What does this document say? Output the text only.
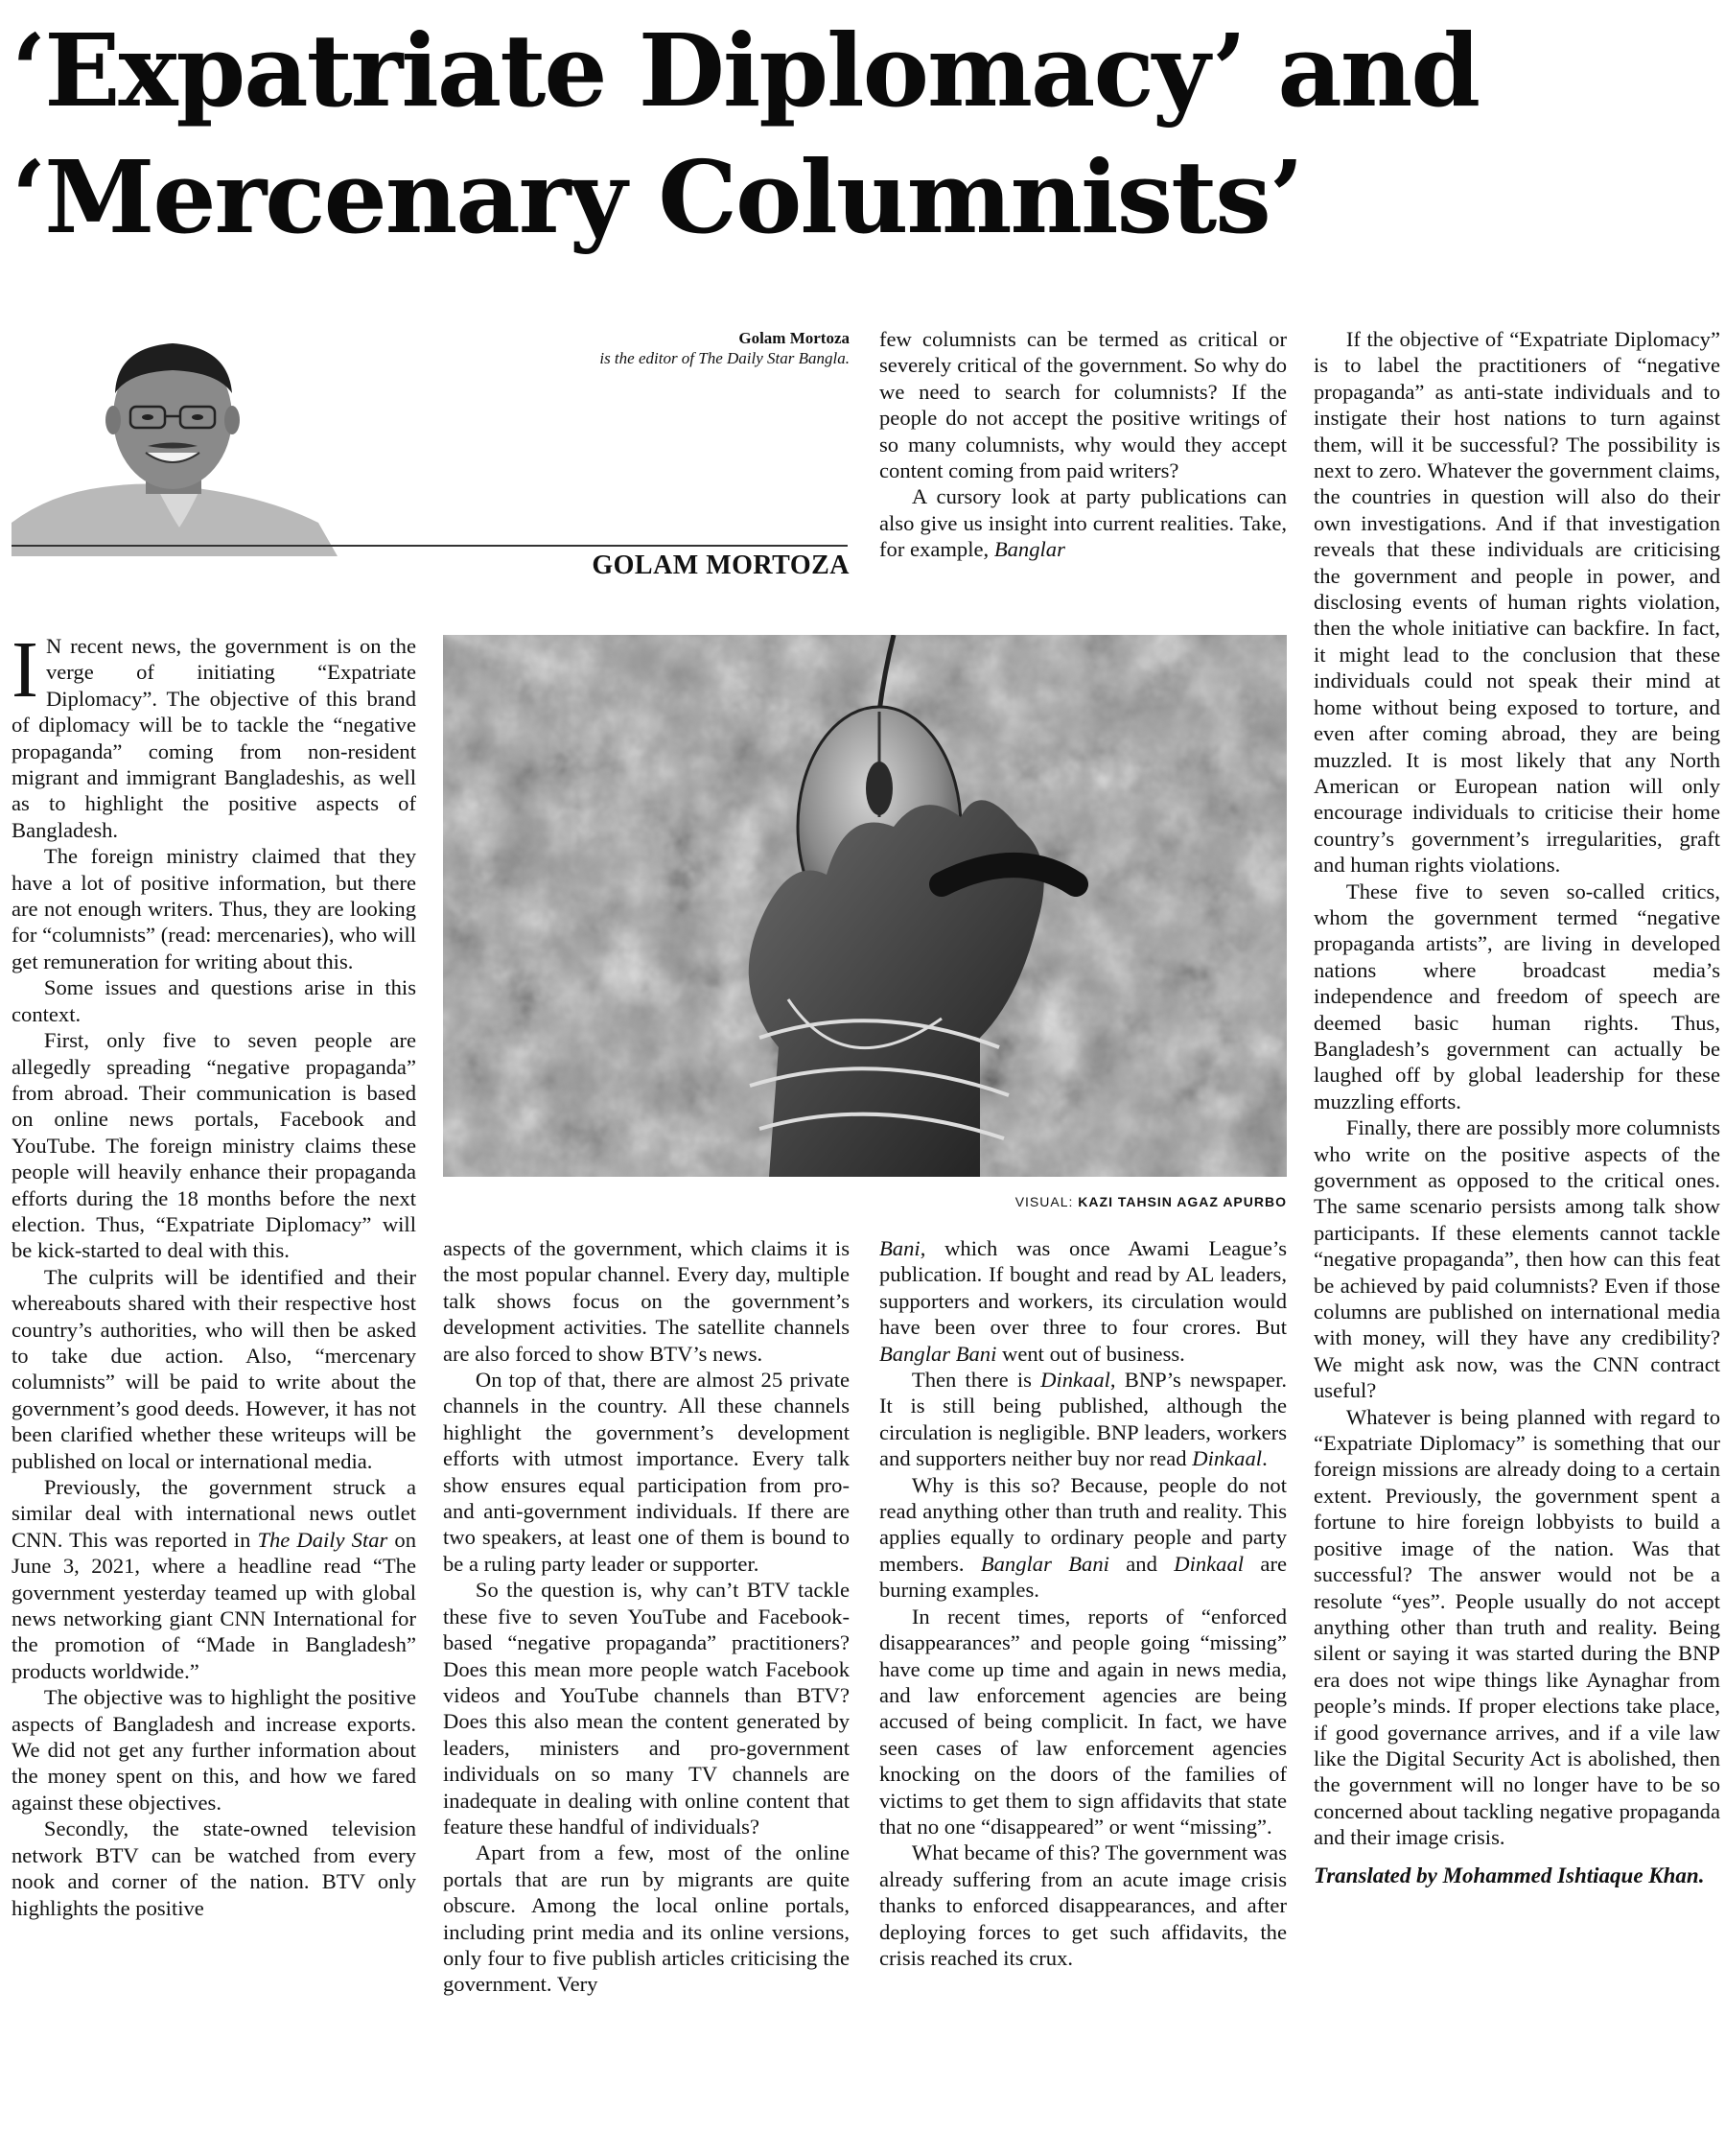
‘Expatriate Diplomacy’ and
‘Mercenary Columnists’
Golam Mortoza
is the editor of The Daily Star Bangla.
GOLAM MORTOZA

I N recent news, the government is on the verge of initiating “Expatriate Diplomacy”. The objective of this brand of diplomacy will be to tackle the “negative propaganda” coming from non-resident migrant and immigrant Bangladeshis, as well as to highlight the positive aspects of Bangladesh.

The foreign ministry claimed that they have a lot of positive information, but there are not enough writers. Thus, they are looking for “columnists” (read: mercenaries), who will get remuneration for writing about this.

Some issues and questions arise in this context.

First, only five to seven people are allegedly spreading “negative propaganda” from abroad. Their communication is based on online news portals, Facebook and YouTube. The foreign ministry claims these people will heavily enhance their propaganda efforts during the 18 months before the next election. Thus, “Expatriate Diplomacy” will be kick-started to deal with this.

The culprits will be identified and their whereabouts shared with their respective host country’s authorities, who will then be asked to take due action. Also, “mercenary columnists” will be paid to write about the government’s good deeds. However, it has not been clarified whether these writeups will be published on local or international media.

Previously, the government struck a similar deal with international news outlet CNN. This was reported in The Daily Star on June 3, 2021, where a headline read “The government yesterday teamed up with global news networking giant CNN International for the promotion of “Made in Bangladesh” products worldwide.”

The objective was to highlight the positive aspects of Bangladesh and increase exports. We did not get any further information about the money spent on this, and how we fared against these objectives.

Secondly, the state-owned television network BTV can be watched from every nook and corner of the nation. BTV only highlights the positive

VISUAL: KAZI TAHSIN AGAZ APURBO

aspects of the government, which claims it is the most popular channel. Every day, multiple talk shows focus on the government’s development activities. The satellite channels are also forced to show BTV’s news.

On top of that, there are almost 25 private channels in the country. All these channels highlight the government’s development efforts with utmost importance. Every talk show ensures equal participation from pro- and anti-government individuals. If there are two speakers, at least one of them is bound to be a ruling party leader or supporter.

So the question is, why can’t BTV tackle these five to seven YouTube and Facebook-based “negative propaganda” practitioners? Does this mean more people watch Facebook videos and YouTube channels than BTV? Does this also mean the content generated by leaders, ministers and pro-government individuals on so many TV channels are inadequate in dealing with online content that feature these handful of individuals?

Apart from a few, most of the online portals that are run by migrants are quite obscure. Among the local online portals, including print media and its online versions, only four to five publish articles criticising the government. Very

few columnists can be termed as critical or severely critical of the government. So why do we need to search for columnists? If the people do not accept the positive writings of so many columnists, why would they accept content coming from paid writers?

A cursory look at party publications can also give us insight into current realities. Take, for example, Banglar

Bani, which was once Awami League’s publication. If bought and read by AL leaders, supporters and workers, its circulation would have been over three to four crores. But Banglar Bani went out of business.

Then there is Dinkaal, BNP’s newspaper. It is still being published, although the circulation is negligible. BNP leaders, workers and supporters neither buy nor read Dinkaal.

Why is this so? Because, people do not read anything other than truth and reality. This applies equally to ordinary people and party members. Banglar Bani and Dinkaal are burning examples.

In recent times, reports of “enforced disappearances” and people going “missing” have come up time and again in news media, and law enforcement agencies are being accused of being complicit. In fact, we have seen cases of law enforcement agencies knocking on the doors of the families of victims to get them to sign affidavits that state that no one “disappeared” or went “missing”.

What became of this? The government was already suffering from an acute image crisis thanks to enforced disappearances, and after deploying forces to get such affidavits, the crisis reached its crux.

If the objective of “Expatriate Diplomacy” is to label the practitioners of “negative propaganda” as anti-state individuals and to instigate their host nations to turn against them, will it be successful? The possibility is next to zero. Whatever the government claims, the countries in question will also do their own investigations. And if that investigation reveals that these individuals are criticising the government and people in power, and disclosing events of human rights violation, then the whole initiative can backfire. In fact, it might lead to the conclusion that these individuals could not speak their mind at home without being exposed to torture, and even after coming abroad, they are being muzzled. It is most likely that any North American or European nation will only encourage individuals to criticise their home country’s government’s irregularities, graft and human rights violations.

These five to seven so-called critics, whom the government termed “negative propaganda artists”, are living in developed nations where broadcast media’s independence and freedom of speech are deemed basic human rights. Thus, Bangladesh’s government can actually be laughed off by global leadership for these muzzling efforts.

Finally, there are possibly more columnists who write on the positive aspects of the government as opposed to the critical ones. The same scenario persists among talk show participants. If these elements cannot tackle “negative propaganda”, then how can this feat be achieved by paid columnists? Even if those columns are published on international media with money, will they have any credibility? We might ask now, was the CNN contract useful?

Whatever is being planned with regard to “Expatriate Diplomacy” is something that our foreign missions are already doing to a certain extent. Previously, the government spent a fortune to hire foreign lobbyists to build a positive image of the nation. Was that successful? The answer would not be a resolute “yes”. People usually do not accept anything other than truth and reality. Being silent or saying it was started during the BNP era does not wipe things like Aynaghar from people’s minds. If proper elections take place, if good governance arrives, and if a vile law like the Digital Security Act is abolished, then the government will no longer have to be so concerned about tackling negative propaganda and their image crisis.

Translated by Mohammed Ishtiaque Khan.
